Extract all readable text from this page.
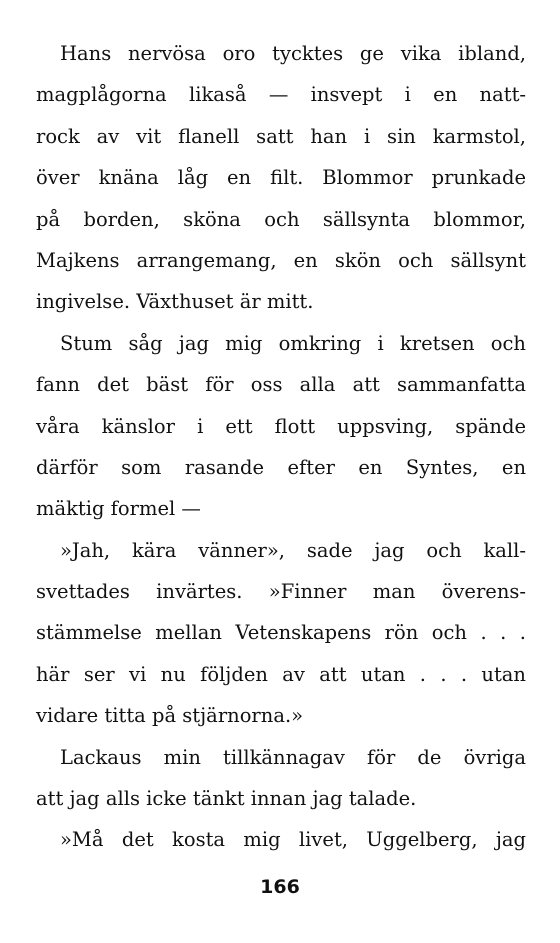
Hans nervösa oro tycktes ge vika ibland,
magplågorna likaså — insvept i en natt-
rock av vit flanell satt han i sin karmstol,
över knäna låg en filt. Blommor prunkade
på borden, sköna och sällsynta blommor,
Majkens arrangemang, en skön och sällsynt
ingivelse. Växthuset är mitt.
Stum såg jag mig omkring i kretsen och
fann det bäst för oss alla att sammanfatta
våra känslor i ett flott uppsving, spände
därför som rasande efter en Syntes, en
mäktig formel —
»Jah, kära vänner», sade jag och kall-
svettades invärtes. »Finner man överens-
stämmelse mellan Vetenskapens rön och . . .
här ser vi nu följden av att utan . . . utan
vidare titta på stjärnorna.»
Lackaus min tillkännagav för de övriga
att jag alls icke tänkt innan jag talade.
»Må det kosta mig livet, Uggelberg, jag
166
